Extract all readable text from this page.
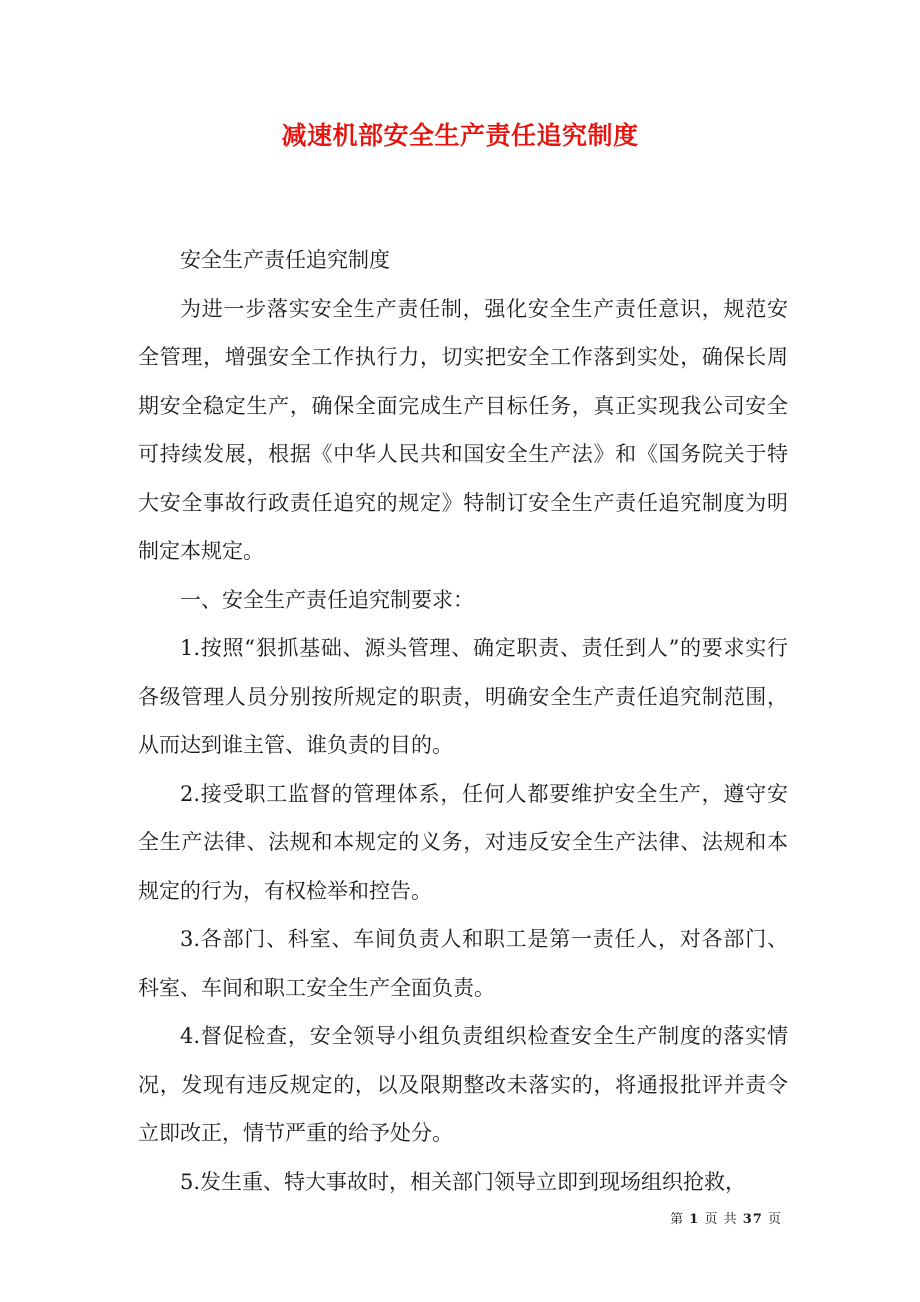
减速机部安全生产责任追究制度

安全生产责任追究制度

为进一步落实安全生产责任制，强化安全生产责任意识，规范安全管理，增强安全工作执行力，切实把安全工作落到实处，确保长周期安全稳定生产，确保全面完成生产目标任务，真正实现我公司安全可持续发展，根据《中华人民共和国安全生产法》和《国务院关于特大安全事故行政责任追究的规定》特制订安全生产责任追究制度为明制定本规定。

一、安全生产责任追究制要求：

1.按照“狠抓基础、源头管理、确定职责、责任到人”的要求实行各级管理人员分别按所规定的职责，明确安全生产责任追究制范围，从而达到谁主管、谁负责的目的。

2.接受职工监督的管理体系，任何人都要维护安全生产，遵守安全生产法律、法规和本规定的义务，对违反安全生产法律、法规和本规定的行为，有权检举和控告。

3.各部门、科室、车间负责人和职工是第一责任人，对各部门、科室、车间和职工安全生产全面负责。

4.督促检查，安全领导小组负责组织检查安全生产制度的落实情况，发现有违反规定的，以及限期整改未落实的，将通报批评并责令立即改正，情节严重的给予处分。

5.发生重、特大事故时，相关部门领导立即到现场组织抢救，

第 1 页 共 37 页
